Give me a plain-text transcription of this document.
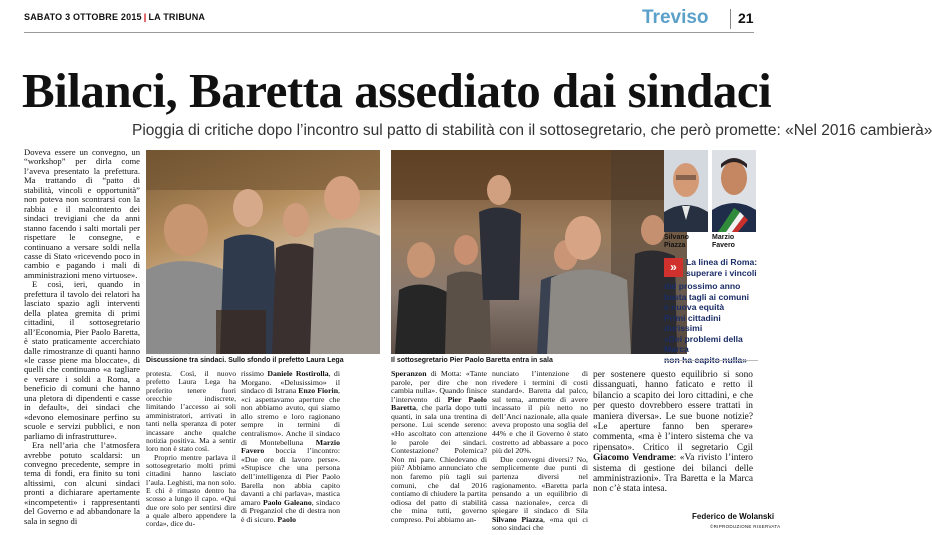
SABATO 3 OTTOBRE 2015 | LA TRIBUNA	Treviso 21
Bilanci, Baretta assediato dai sindaci
Pioggia di critiche dopo l’incontro sul patto di stabilità con il sottosegretario, che però promette: «Nel 2016 cambierà»

Doveva essere un convegno, un “workshop” per dirla come l’aveva presentato la prefettura. Ma trattando di “patto di stabilità, vincoli e opportunità” non poteva non scontrarsi con la rabbia e il malcontento dei sindaci trevigiani che da anni stanno facendo i salti mortali per rispettare le consegne, e continuano a versare soldi nella casse di Stato «ricevendo poco in cambio e pagando i mali di amministrazioni meno virtuose».

E così, ieri, quando in prefettura il tavolo dei relatori ha lasciato spazio agli interventi della platea gremita di primi cittadini, il sottosegretario all’Economia, Pier Paolo Baretta, è stato praticamente accerchiato dalle rimostranze di quanti hanno «le casse piene ma bloccate», di quelli che continuano «a tagliare e versare i soldi a Roma, a beneficio di comuni che hanno una pletora di dipendenti e casse in default», dei sindaci che «devono elemosinare perfino su scuole e servizi pubblici, e non parliamo di infrastrutture».

Era nell’aria che l’atmosfera avrebbe potuto scaldarsi: un convegno precedente, sempre in tema di fondi, era finito su toni altissimi, con alcuni sindaci pronti a dichiarare apertamente «incompetenti» i rappresentanti del Governo e ad abbandonare la sala in segno di

Discussione tra sindaci. Sullo sfondo il prefetto Laura Lega	Il sottosegretario Pier Paolo Baretta entra in sala
Silvano
Piazza
Marzio
Favero
»	La linea di Roma:
superare i vincoli
dal prossimo anno
basta tagli ai comuni
e nuova equità
Primi cittadini durissimi
«Dei problemi della Marca

protesta. Così, il nuovo prefetto Laura Lega ha preferito tenere fuori orecchie indiscrete, limitando l’accesso ai soli amministratori, arrivati in tanti nella speranza di poter incassare anche qualche notizia positiva. Ma a sentir loro non è stato così.

Proprio mentre parlava il sottosegretario molti primi cittadini hanno lasciato l’aula. Leghisti, ma non solo. E chi è rimasto dentro ha scosso a lungo il capo. «Qui due ore solo per sentirsi dire a quale albero appendere la corda», dice du-

rissimo Daniele Rostirolla, di Morgano. «Delusissimo» il sindaco di Istrana Enzo Fiorin, «ci aspettavamo aperture che non abbiamo avuto, qui siamo allo stremo e loro ragionano sempre in termini di centralismo». Anche il sindaco di Montebelluna Marzio Favero boccia l’incontro: «Due ore di lavoro perse». «Stupisce che una persona dell’intelligenza di Pier Paolo Barella non abbia capito davanti a chi parlava», mastica amaro Paolo Galeano, sindaco di Preganziol che di destra non è di sicuro. Paolo

Speranzon di Motta: «Tante parole, per dire che non cambia nulla». Quando finisce l’intervento di Pier Paolo Baretta, che parla dopo tutti quanti, in sala una trentina di persone. Lui scende sereno: «Ho ascoltato con attenzione le parole dei sindaci. Contestazione? Polemica? Non mi pare. Chiedevano di più? Abbiamo annunciato che non faremo più tagli sui comuni, che dal 2016 contiamo di chiudere la partita odiosa del patto di stabilità che mina tutti, governo compreso. Poi abbiamo an-

nunciato l’intenzione di rivedere i termini di costi standard». Baretta dal palco, sul tema, ammette di avere incassato il più netto no dell’Anci nazionale, alla quale aveva proposto una soglia del 44% e che il Governo è stato costretto ad abbassare a poco più del 20%.

Due convegni diversi? No, semplicemente due punti di partenza diversi nel ragionamento. «Baretta parla pensando a un equilibrio di cassa nazionale», cerca di spiegare il sindaco di Sila Silvano Piazza, «ma qui ci sono sindaci che

per sostenere questo equilibrio si sono dissanguati, hanno faticato e retto il bilancio a scapito dei loro cittadini, e che per questo dovrebbero essere trattati in maniera diversa». Le sue buone notizie? «Le aperture fanno ben sperare» commenta, «ma è l’intero sistema che va ripensato». Critico il segretario Cgil Giacomo Vendrame: «Va rivisto l’intero sistema di gestione dei bilanci delle amministrazioni». Tra Baretta e la Marca non c’è stata intesa.

Federico de Wolanski
©RIPRODUZIONE RISERVATA
